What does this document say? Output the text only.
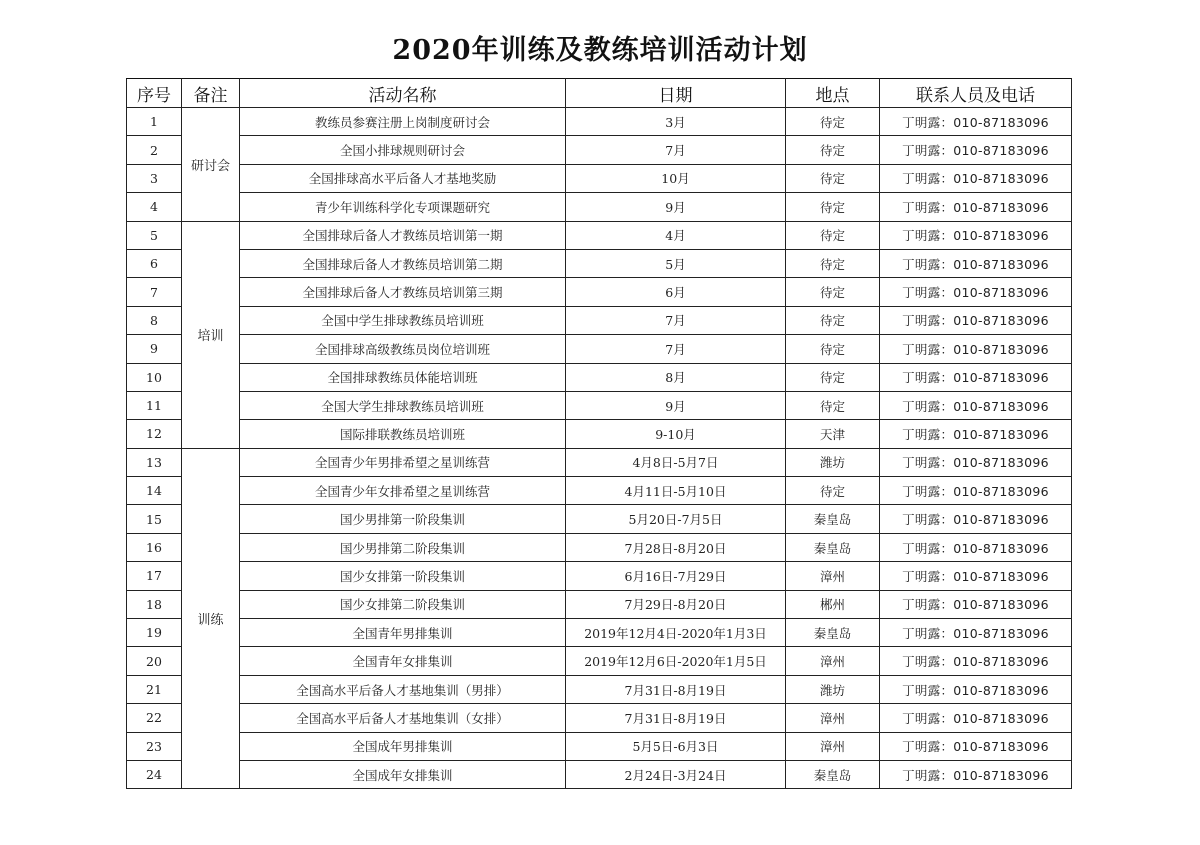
2020年训练及教练培训活动计划
序号	备注	活动名称	日期	地点	联系人员及电话
1	研讨会	教练员参赛注册上岗制度研讨会	3月	待定	丁明露：010-87183096
2		全国小排球规则研讨会	7月	待定	丁明露：010-87183096
3		全国排球高水平后备人才基地奖励	10月	待定	丁明露：010-87183096
4		青少年训练科学化专项课题研究	9月	待定	丁明露：010-87183096
5	培训	全国排球后备人才教练员培训第一期	4月	待定	丁明露：010-87183096
6		全国排球后备人才教练员培训第二期	5月	待定	丁明露：010-87183096
7		全国排球后备人才教练员培训第三期	6月	待定	丁明露：010-87183096
8		全国中学生排球教练员培训班	7月	待定	丁明露：010-87183096
9		全国排球高级教练员岗位培训班	7月	待定	丁明露：010-87183096
10		全国排球教练员体能培训班	8月	待定	丁明露：010-87183096
11		全国大学生排球教练员培训班	9月	待定	丁明露：010-87183096
12		国际排联教练员培训班	9-10月	天津	丁明露：010-87183096
13	训练	全国青少年男排希望之星训练营	4月8日-5月7日	潍坊	丁明露：010-87183096
14		全国青少年女排希望之星训练营	4月11日-5月10日	待定	丁明露：010-87183096
15		国少男排第一阶段集训	5月20日-7月5日	秦皇岛	丁明露：010-87183096
16		国少男排第二阶段集训	7月28日-8月20日	秦皇岛	丁明露：010-87183096
17		国少女排第一阶段集训	6月16日-7月29日	漳州	丁明露：010-87183096
18		国少女排第二阶段集训	7月29日-8月20日	郴州	丁明露：010-87183096
19		全国青年男排集训	2019年12月4日-2020年1月3日	秦皇岛	丁明露：010-87183096
20		全国青年女排集训	2019年12月6日-2020年1月5日	漳州	丁明露：010-87183096
21		全国高水平后备人才基地集训（男排）	7月31日-8月19日	潍坊	丁明露：010-87183096
22		全国高水平后备人才基地集训（女排）	7月31日-8月19日	漳州	丁明露：010-87183096
23		全国成年男排集训	5月5日-6月3日	漳州	丁明露：010-87183096
24		全国成年女排集训	2月24日-3月24日	秦皇岛	丁明露：010-87183096
